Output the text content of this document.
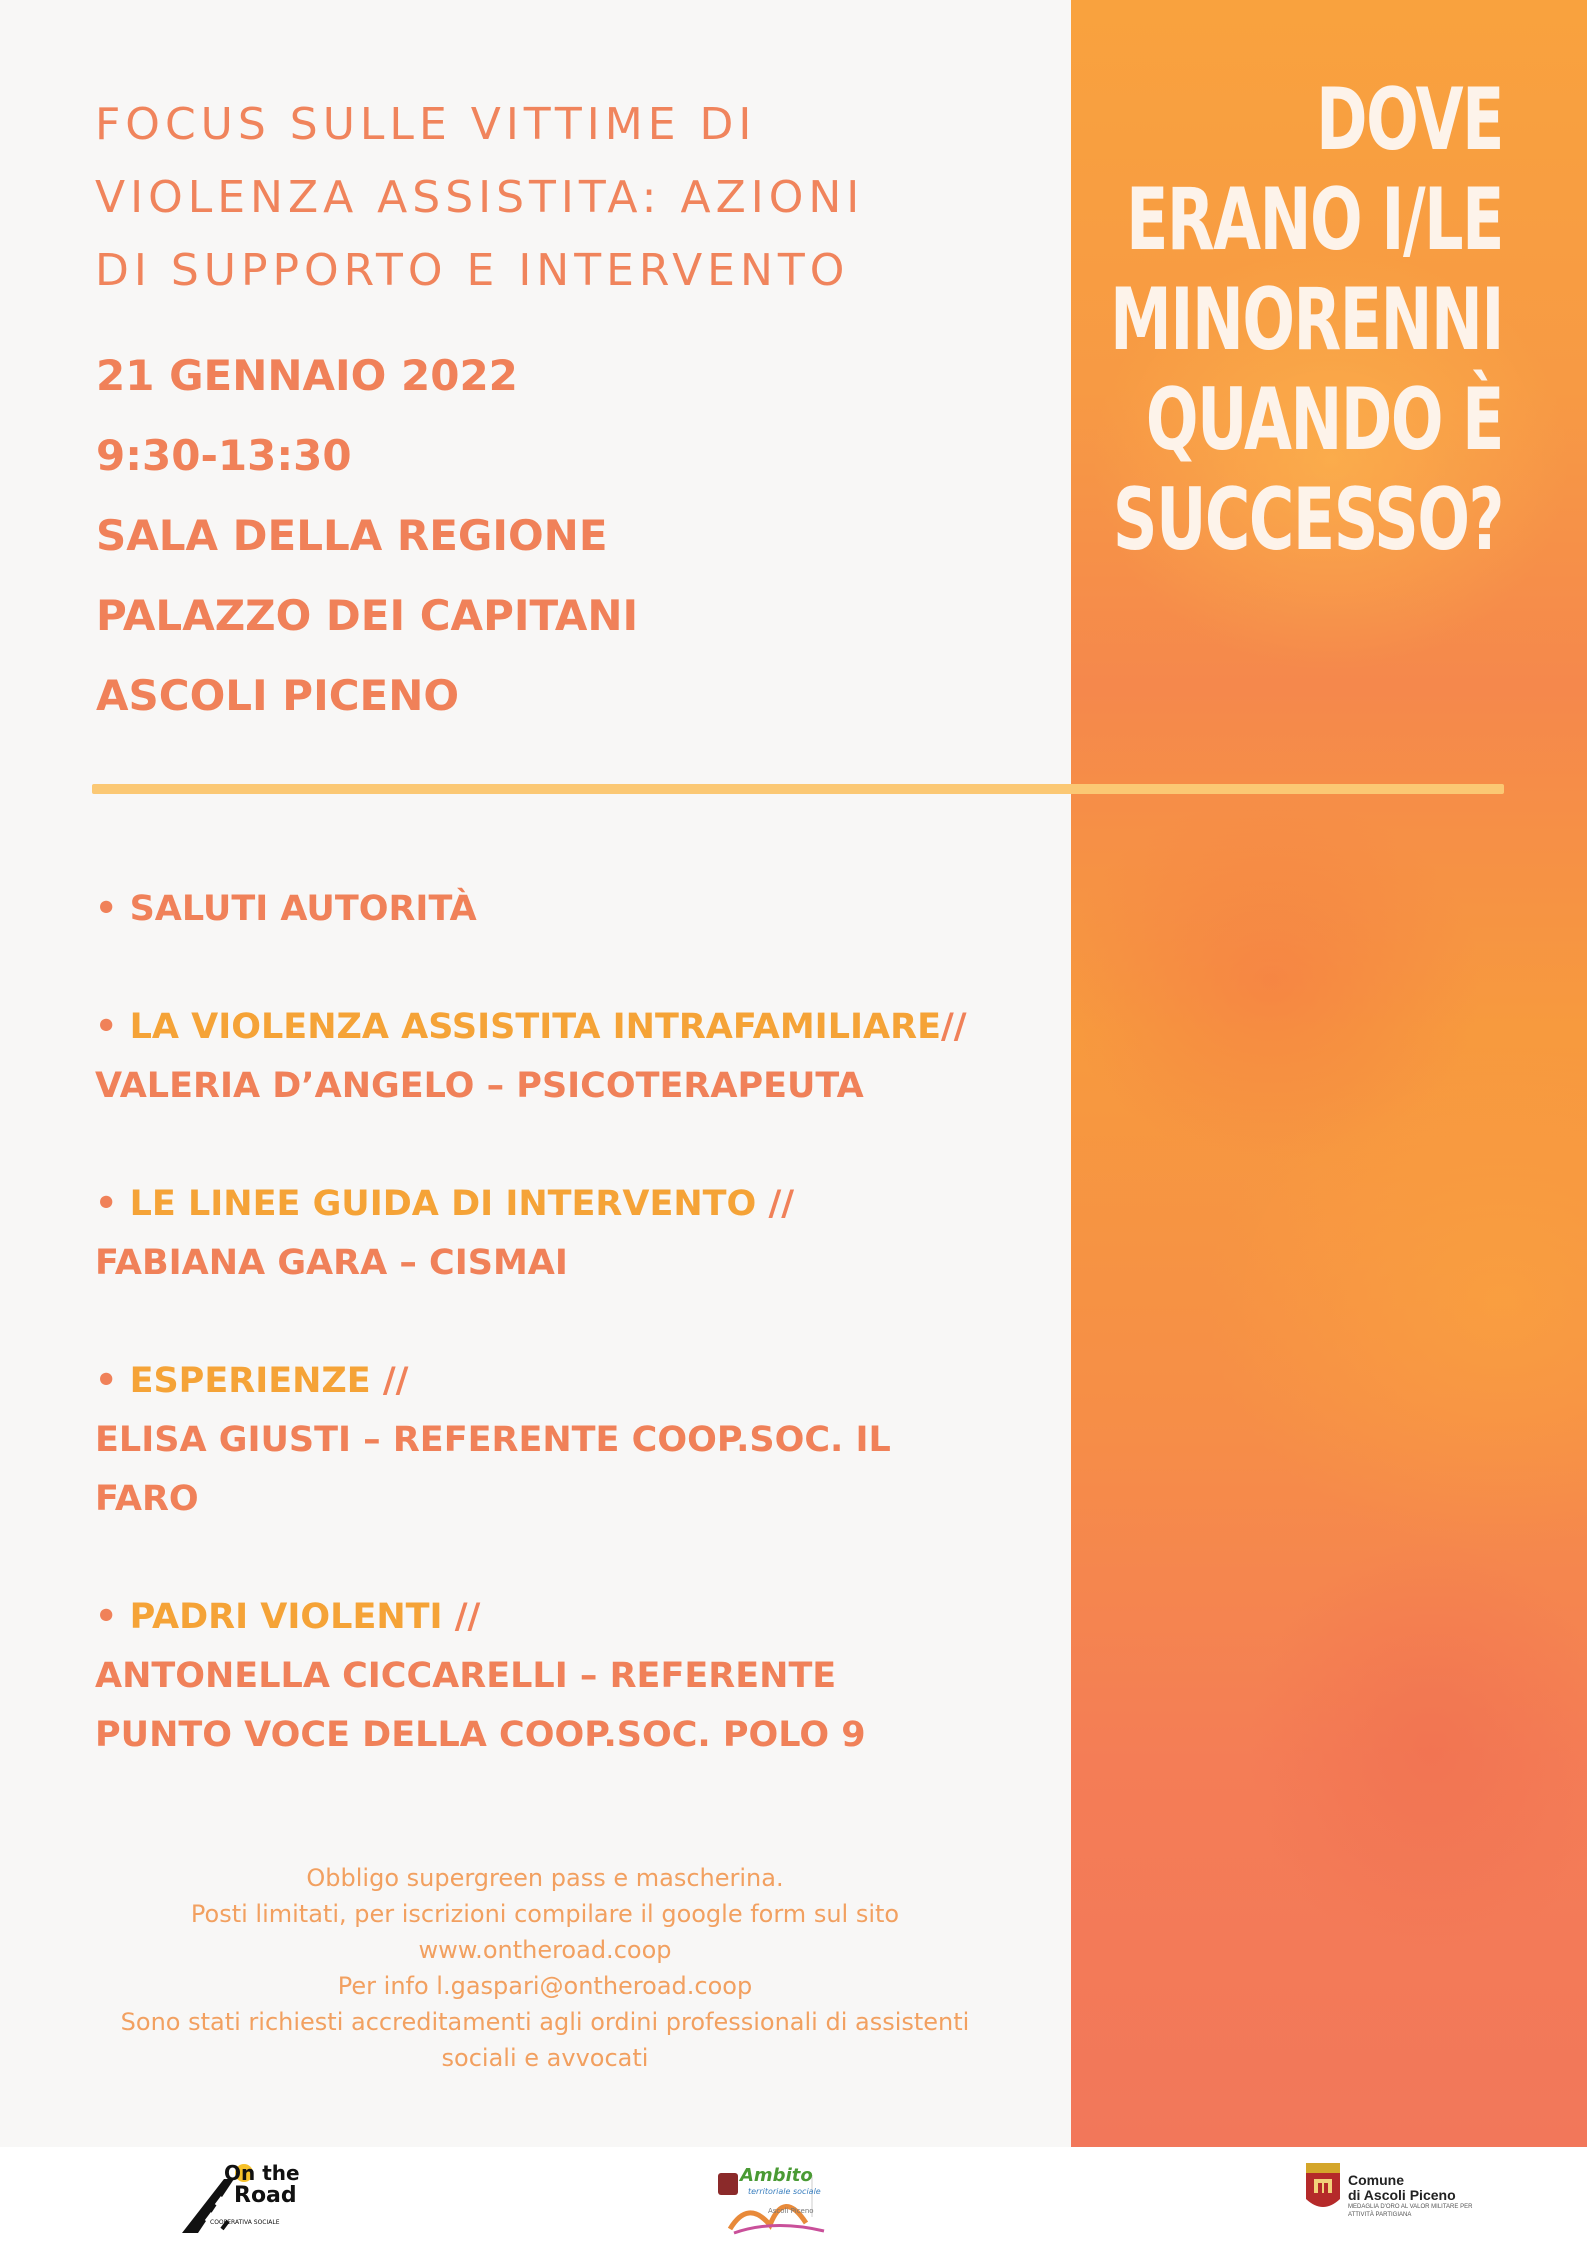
DOVE
ERANO I/LE
MINORENNI
QUANDO È
SUCCESSO?
FOCUS SULLE VITTIME DI
VIOLENZA ASSISTITA: AZIONI
DI SUPPORTO E INTERVENTO
21 GENNAIO 2022
9:30-13:30
SALA DELLA REGIONE
PALAZZO DEI CAPITANI
ASCOLI PICENO
• SALUTI AUTORITÀ
• LA VIOLENZA ASSISTITA INTRAFAMILIARE//
VALERIA D’ANGELO – PSICOTERAPEUTA
• LE LINEE GUIDA DI INTERVENTO //
FABIANA GARA – CISMAI
• ESPERIENZE //
ELISA GIUSTI – REFERENTE COOP.SOC. IL FARO
• PADRI VIOLENTI //
ANTONELLA CICCARELLI – REFERENTE PUNTO VOCE DELLA COOP.SOC. POLO 9
Obbligo supergreen pass e mascherina.
Posti limitati, per iscrizioni compilare il google form sul sito
www.ontheroad.coop
Per info l.gaspari@ontheroad.coop
Sono stati richiesti accreditamenti agli ordini professionali di assistenti
sociali e avvocati
On the
Road
COOPERATIVA SOCIALE
Ambito
territoriale sociale
Ascoli Piceno
Comune
di Ascoli Piceno
MEDAGLIA D'ORO AL VALOR MILITARE PER ATTIVITÀ PARTIGIANA
